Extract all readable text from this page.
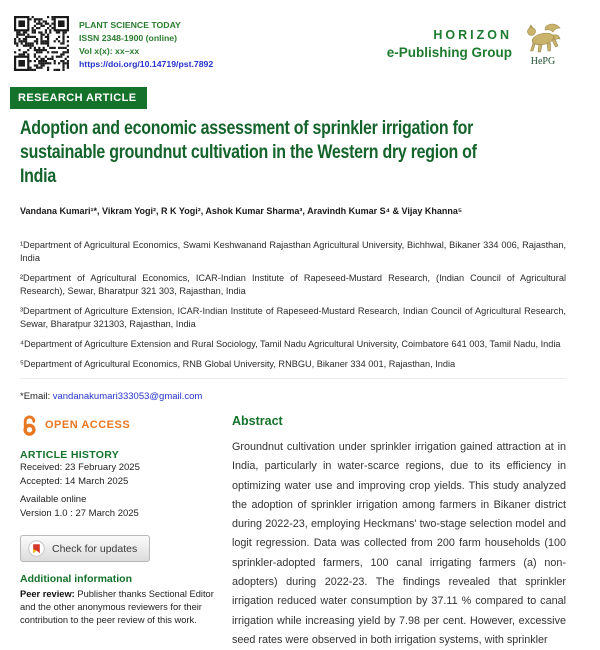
PLANT SCIENCE TODAY
ISSN 2348-1900 (online)
Vol x(x): xx–xx
https://doi.org/10.14719/pst.7892
HORIZON
e-Publishing Group
HePG
RESEARCH ARTICLE
Adoption and economic assessment of sprinkler irrigation for
sustainable groundnut cultivation in the Western dry region of
India

Vandana Kumari¹*, Vikram Yogi², R K Yogi², Ashok Kumar Sharma³, Aravindh Kumar S⁴ & Vijay Khanna⁵

¹Department of Agricultural Economics, Swami Keshwanand Rajasthan Agricultural University, Bichhwal, Bikaner 334 006, Rajasthan, India

²Department of Agricultural Economics, ICAR-Indian Institute of Rapeseed-Mustard Research, (Indian Council of Agricultural Research), Sewar, Bharatpur 321 303, Rajasthan, India

³Department of Agriculture Extension, ICAR-Indian Institute of Rapeseed-Mustard Research, Indian Council of Agricultural Research, Sewar, Bharatpur 321303, Rajasthan, India

⁴Department of Agriculture Extension and Rural Sociology, Tamil Nadu Agricultural University, Coimbatore 641 003, Tamil Nadu, India

⁵Department of Agricultural Economics, RNB Global University, RNBGU, Bikaner 334 001, Rajasthan, India

*Email: vandanakumari333053@gmail.com

OPEN ACCESS
ARTICLE HISTORY
Received: 23 February 2025
Accepted: 14 March 2025
Available online
Version 1.0 : 27 March 2025
Check for updates
Additional information

Peer review: Publisher thanks Sectional Editor and the other anonymous reviewers for their contribution to the peer review of this work.

Abstract

Groundnut cultivation under sprinkler irrigation gained attraction at in India, particularly in water-scarce regions, due to its efficiency in optimizing water use and improving crop yields. This study analyzed the adoption of sprinkler irrigation among farmers in Bikaner district during 2022-23, employing Heckmans' two-stage selection model and logit regression. Data was collected from 200 farm households (100 sprinkler-adopted farmers, 100 canal irrigating farmers (a) non-adopters) during 2022-23. The findings revealed that sprinkler irrigation reduced water consumption by 37.11 % compared to canal irrigation while increasing yield by 7.98 per cent. However, excessive seed rates were observed in both irrigation systems, with sprinkler
